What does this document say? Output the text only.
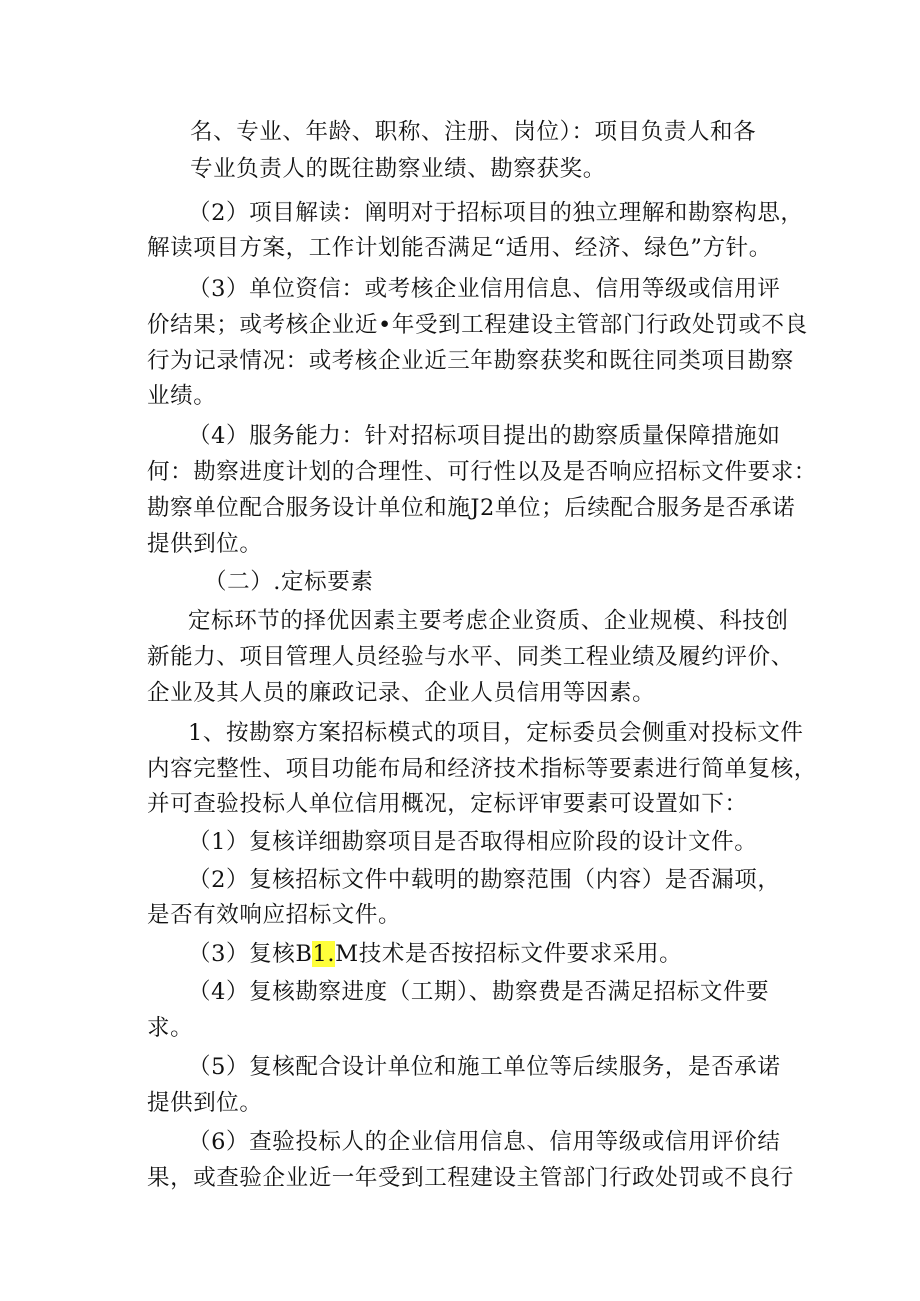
名、专业、年龄、职称、注册、岗位）：项目负责人和各
专业负责人的既往勘察业绩、勘察获奖。
（2）项目解读：阐明对于招标项目的独立理解和勘察构思，
解读项目方案，工作计划能否满足“适用、经济、绿色”方针。
（3）单位资信：或考核企业信用信息、信用等级或信用评
价结果；或考核企业近•年受到工程建设主管部门行政处罚或不良
行为记录情况：或考核企业近三年勘察获奖和既往同类项目勘察
业绩。
（4）服务能力：针对招标项目提出的勘察质量保障措施如
何：勘察进度计划的合理性、可行性以及是否响应招标文件要求：
勘察单位配合服务设计单位和施J2单位；后续配合服务是否承诺
提供到位。
（二）.定标要素
定标环节的择优因素主要考虑企业资质、企业规模、科技创
新能力、项目管理人员经验与水平、同类工程业绩及履约评价、
企业及其人员的廉政记录、企业人员信用等因素。
1、按勘察方案招标模式的项目，定标委员会侧重对投标文件
内容完整性、项目功能布局和经济技术指标等要素进行简单复核，
并可查验投标人单位信用概况，定标评审要素可设置如下：
（1）复核详细勘察项目是否取得相应阶段的设计文件。
（2）复核招标文件中载明的勘察范围（内容）是否漏项，
是否有效响应招标文件。
（3）复核B1.M技术是否按招标文件要求采用。
（4）复核勘察进度（工期）、勘察费是否满足招标文件要
求。
（5）复核配合设计单位和施工单位等后续服务，是否承诺
提供到位。
（6）查验投标人的企业信用信息、信用等级或信用评价结
果，或查验企业近一年受到工程建设主管部门行政处罚或不良行
